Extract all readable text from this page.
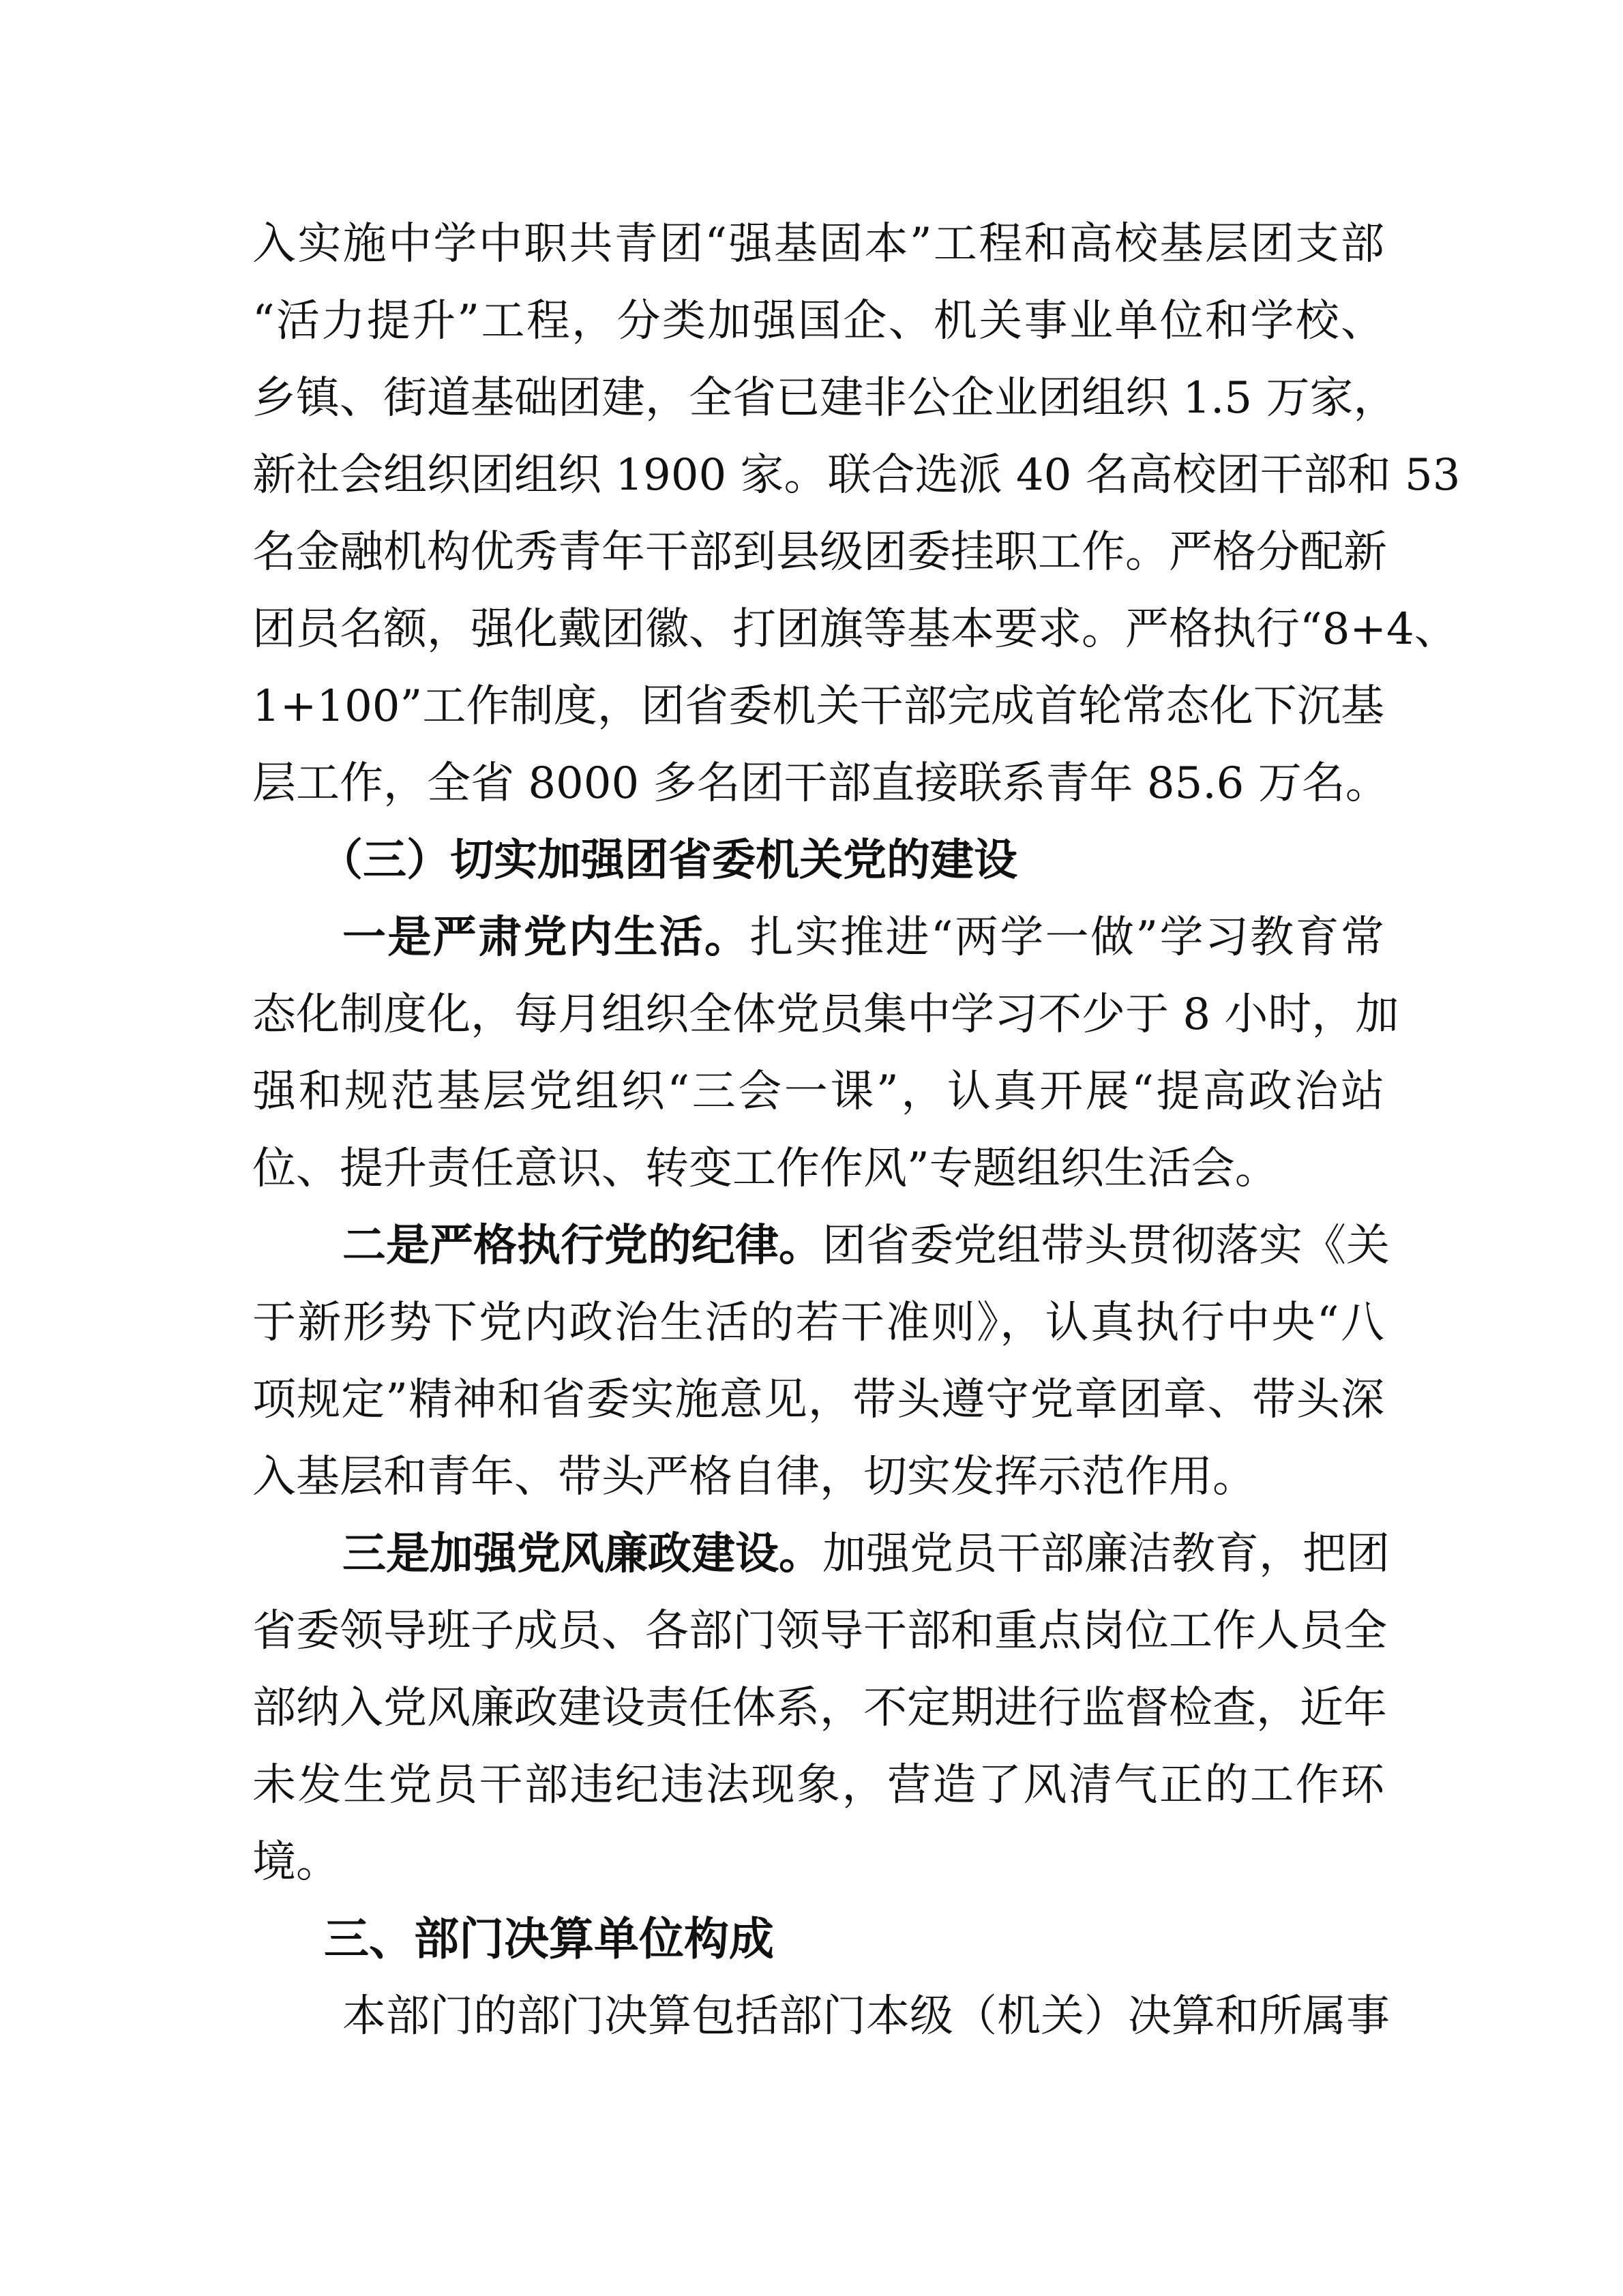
入实施中学中职共青团“强基固本”工程和高校基层团支部
“活力提升”工程，分类加强国企、机关事业单位和学校、
乡镇、街道基础团建，全省已建非公企业团组织 1.5 万家，
新社会组织团组织 1900 家。联合选派 40 名高校团干部和 53
名金融机构优秀青年干部到县级团委挂职工作。严格分配新
团员名额，强化戴团徽、打团旗等基本要求。严格执行“8+4、
1+100”工作制度，团省委机关干部完成首轮常态化下沉基
层工作，全省 8000 多名团干部直接联系青年 85.6 万名。
（三）切实加强团省委机关党的建设
一是严肃党内生活。扎实推进“两学一做”学习教育常
态化制度化，每月组织全体党员集中学习不少于 8 小时，加
强和规范基层党组织“三会一课”，认真开展“提高政治站
位、提升责任意识、转变工作作风”专题组织生活会。
二是严格执行党的纪律。团省委党组带头贯彻落实《关
于新形势下党内政治生活的若干准则》，认真执行中央“八
项规定”精神和省委实施意见，带头遵守党章团章、带头深
入基层和青年、带头严格自律，切实发挥示范作用。
三是加强党风廉政建设。加强党员干部廉洁教育，把团
省委领导班子成员、各部门领导干部和重点岗位工作人员全
部纳入党风廉政建设责任体系，不定期进行监督检查，近年
未发生党员干部违纪违法现象，营造了风清气正的工作环
境。
三、部门决算单位构成
本部门的部门决算包括部门本级（机关）决算和所属事
